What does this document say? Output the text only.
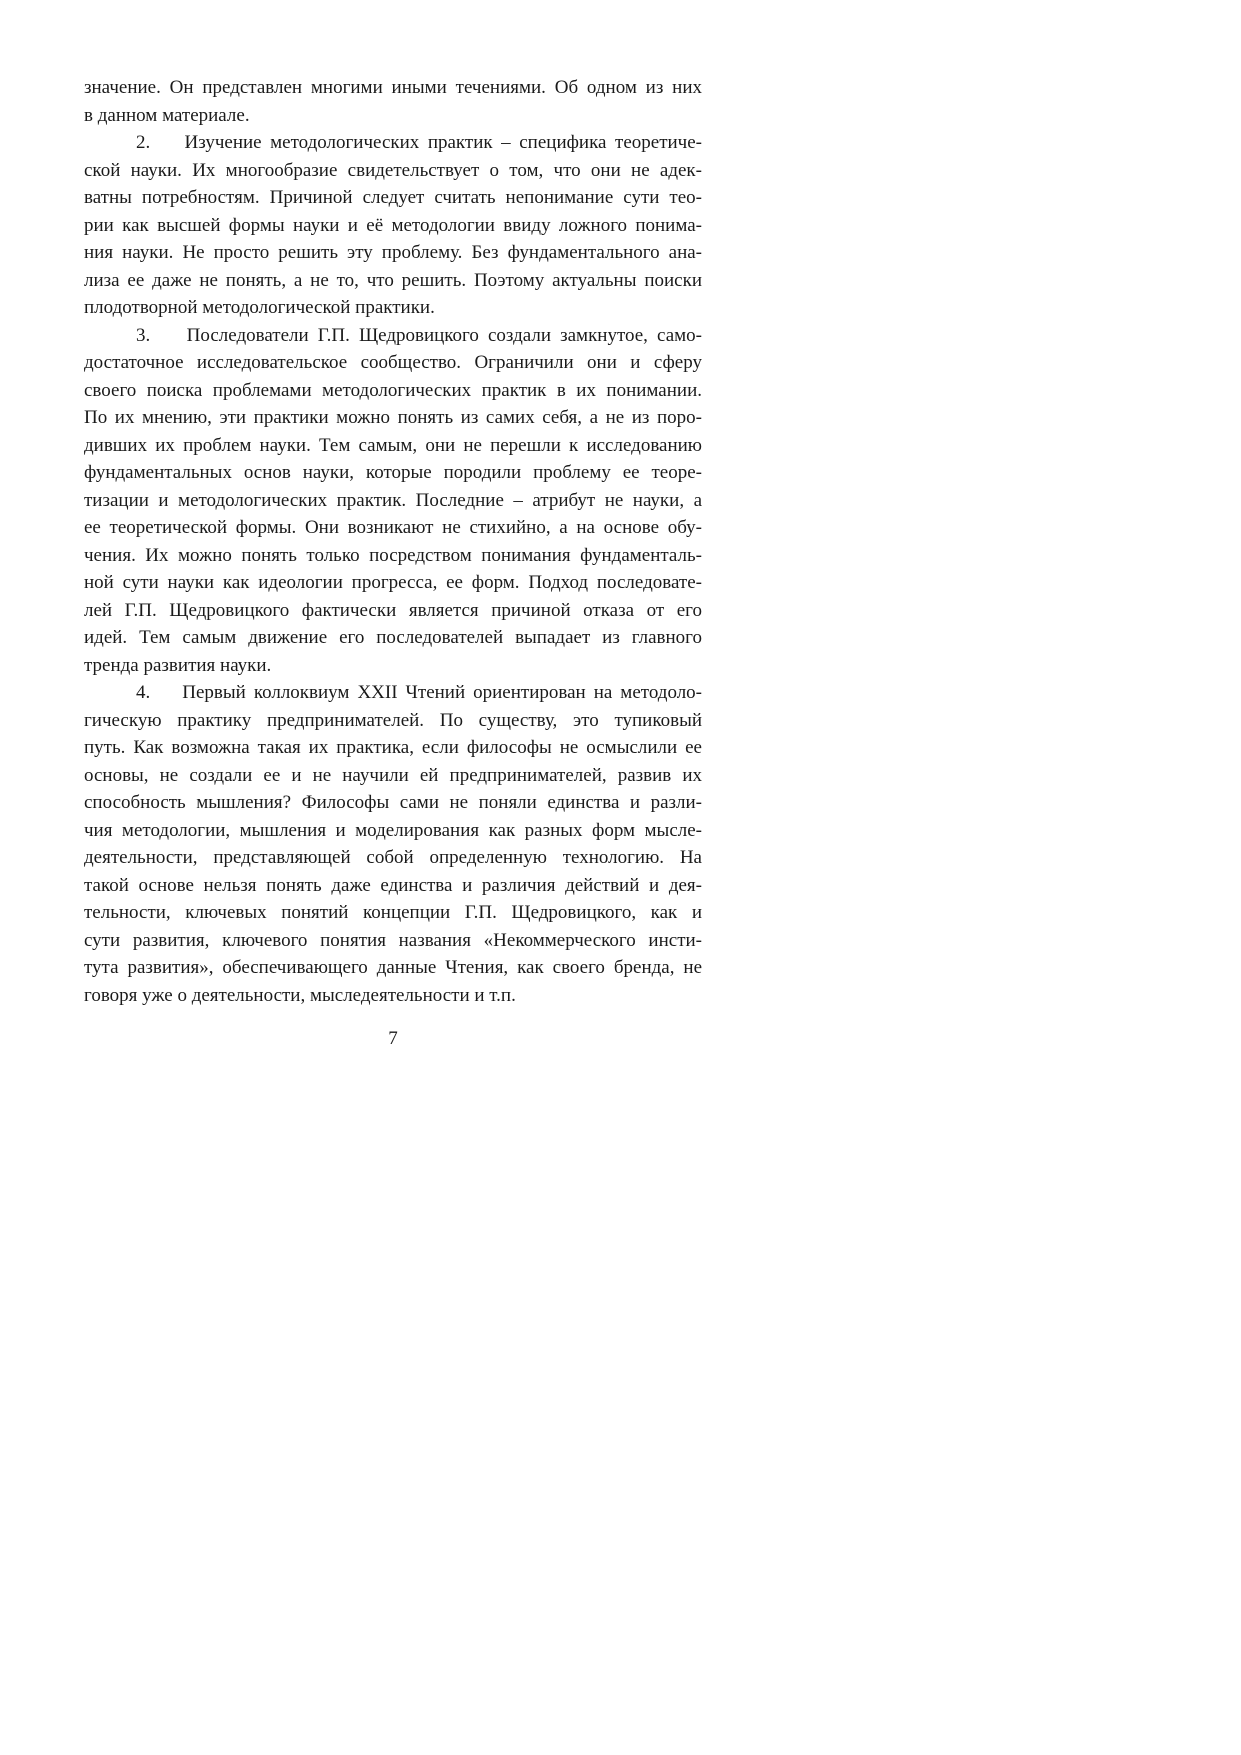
значение. Он представлен многими иными течениями. Об одном из них
в данном материале.
2.    Изучение методологических практик – специфика теоретиче-
ской науки. Их многообразие свидетельствует о том, что они не адек-
ватны потребностям. Причиной следует считать непонимание сути тео-
рии как высшей формы науки и её методологии ввиду ложного понима-
ния науки. Не просто решить эту проблему. Без фундаментального ана-
лиза ее даже не понять, а не то, что решить. Поэтому актуальны поиски
плодотворной методологической практики.
3.    Последователи Г.П. Щедровицкого создали замкнутое, само-
достаточное исследовательское сообщество. Ограничили они и сферу
своего поиска проблемами методологических практик в их понимании.
По их мнению, эти практики можно понять из самих себя, а не из поро-
дивших их проблем науки. Тем самым, они не перешли к исследованию
фундаментальных основ науки, которые породили проблему ее теоре-
тизации и методологических практик. Последние – атрибут не науки, а
ее теоретической формы. Они возникают не стихийно, а на основе обу-
чения. Их можно понять только посредством понимания фундаменталь-
ной сути науки как идеологии прогресса, ее форм. Подход последовате-
лей Г.П. Щедровицкого фактически является причиной отказа от его
идей. Тем самым движение его последователей выпадает из главного
тренда развития науки.
4.    Первый коллоквиум XXII Чтений ориентирован на методоло-
гическую практику предпринимателей. По существу, это тупиковый
путь. Как возможна такая их практика, если философы не осмыслили ее
основы, не создали ее и не научили ей предпринимателей, развив их
способность мышления? Философы сами не поняли единства и разли-
чия методологии, мышления и моделирования как разных форм мысле-
деятельности, представляющей собой определенную технологию. На
такой основе нельзя понять даже единства и различия действий и дея-
тельности, ключевых понятий концепции Г.П. Щедровицкого, как и
сути развития, ключевого понятия названия «Некоммерческого инсти-
тута развития», обеспечивающего данные Чтения, как своего бренда, не
говоря уже о деятельности, мыследеятельности и т.п.
7
